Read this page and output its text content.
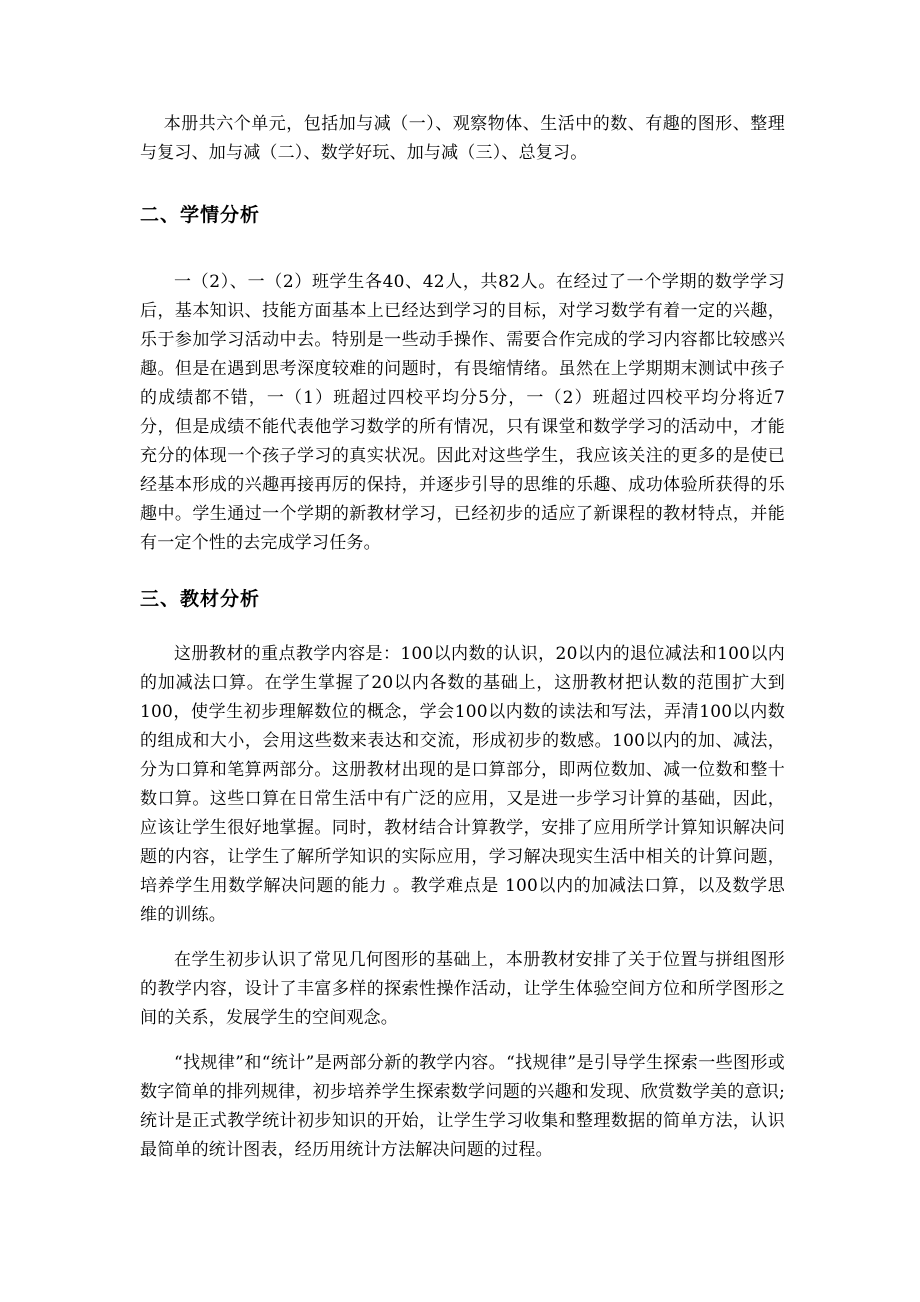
本册共六个单元，包括加与减（一）、观察物体、生活中的数、有趣的图形、整理与复习、加与减（二）、数学好玩、加与减（三）、总复习。

二、学情分析

一（2）、一（2）班学生各40、42人，共82人。在经过了一个学期的数学学习后，基本知识、技能方面基本上已经达到学习的目标，对学习数学有着一定的兴趣，乐于参加学习活动中去。特别是一些动手操作、需要合作完成的学习内容都比较感兴趣。但是在遇到思考深度较难的问题时，有畏缩情绪。虽然在上学期期末测试中孩子的成绩都不错，一（1）班超过四校平均分5分，一（2）班超过四校平均分将近7分，但是成绩不能代表他学习数学的所有情况，只有课堂和数学学习的活动中，才能充分的体现一个孩子学习的真实状况。因此对这些学生，我应该关注的更多的是使已经基本形成的兴趣再接再厉的保持，并逐步引导的思维的乐趣、成功体验所获得的乐趣中。学生通过一个学期的新教材学习，已经初步的适应了新课程的教材特点，并能有一定个性的去完成学习任务。

三、教材分析

这册教材的重点教学内容是：100以内数的认识，20以内的退位减法和100以内的加减法口算。在学生掌握了20以内各数的基础上，这册教材把认数的范围扩大到100，使学生初步理解数位的概念，学会100以内数的读法和写法，弄清100以内数的组成和大小，会用这些数来表达和交流，形成初步的数感。100以内的加、减法，分为口算和笔算两部分。这册教材出现的是口算部分，即两位数加、减一位数和整十数口算。这些口算在日常生活中有广泛的应用，又是进一步学习计算的基础，因此，应该让学生很好地掌握。同时，教材结合计算教学，安排了应用所学计算知识解决问题的内容，让学生了解所学知识的实际应用，学习解决现实生活中相关的计算问题，培养学生用数学解决问题的能力 。教学难点是 100以内的加减法口算，以及数学思维的训练。

在学生初步认识了常见几何图形的基础上，本册教材安排了关于位置与拼组图形的教学内容，设计了丰富多样的探索性操作活动，让学生体验空间方位和所学图形之间的关系，发展学生的空间观念。

“找规律”和“统计”是两部分新的教学内容。“找规律”是引导学生探索一些图形或数字简单的排列规律，初步培养学生探索数学问题的兴趣和发现、欣赏数学美的意识;统计是正式教学统计初步知识的开始，让学生学习收集和整理数据的简单方法，认识最简单的统计图表，经历用统计方法解决问题的过程。
